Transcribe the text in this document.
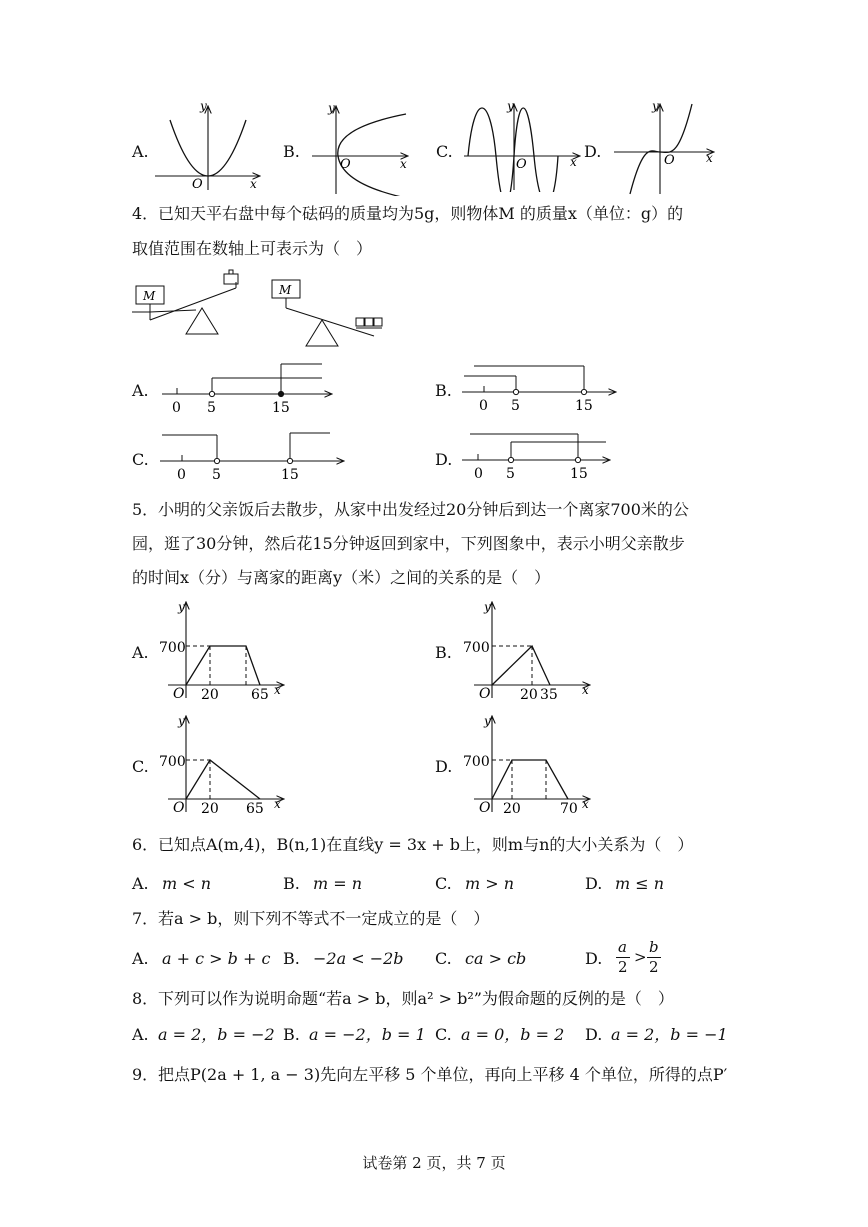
A.	B.	C.	D.
y
x
O
y
x
O
y
x
O
y
x
O
4． 已知天平右盘中每个砝码的质量均为5g，则物体M 的质量x（单位：g）的
取值范围在数轴上可表示为（　）
M	M
A.
0 5	15
B.
0 5	15
C.
0 5	15
D.
0 5	15
5． 小明的父亲饭后去散步，从家中出发经过20分钟后到达一个离家700米的公
园，逛了30分钟，然后花15分钟返回到家中，下列图象中，表示小明父亲散步
的时间x（分）与离家的距离y（米）之间的关系的是（　）
A.
y
700
O 20 65 x
B.
y
700
O 20 35 x
C.
y
700
O 20 65 x
D.
y
700
O 20	70 x
6． 已知点A(m,4)，B(n,1)在直线y = 3x + b上，则m与n的大小关系为（　）
A. m < n	B. m = n	C. m > n	D. m ≤ n
7． 若a > b，则下列不等式不一定成立的是（　）
A. a + c > b + c B. −2a < −2b C. ca > cb	D.
a
2
>
b
2
8． 下列可以作为说明命题“若a > b，则a² > b²”为假命题的反例的是（　）
A. a = 2，b = −2 B. a = −2，b = 1 C. a = 0，b = 2 D. a = 2，b = −1
9． 把点P(2a + 1, a − 3)先向左平移 5 个单位，再向上平移 4 个单位，所得的点P′
试卷第 2 页，共 7 页
